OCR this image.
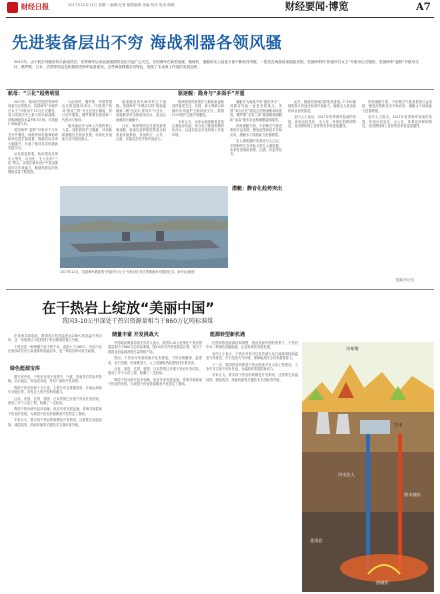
财经日报	2017年12月11日 星期一 编辑/记者 版面编辑 美编 校对 电话 邮箱	财经要闻·博览	A7
先进装备层出不穷 海战利器各领风骚
2017年，由于航空母舰的持久新闻效应，世界海军运用装备版图的变化引起广泛关注。各国海军在新型战舰、舰载机、潜艇和无人装备方面不断取得突破，一批先进海战装备陆续亮相。英国海军的“伊丽莎白女王”号航母正式服役，美国海军“福特”号航母交付，俄罗斯、日本、法国等国也在积极推进海军装备建设。这些海战利器各具特色，展现了未来海上作战的发展趋势。
航母：“三化”趋势明显

2017年，航母依然是世界海军装备关注的焦点。英国海军“伊丽莎白女王”号航母于12月正式服役，成为英国历史上最大的水面战舰。该舰满载排水量约6.5万吨，可搭载F-35B战斗机。

美国海军“福特”号航母于今年交付并服役，该舰采用电磁弹射系统和先进拦阻装置，舰载机出动率大幅提升，代表了航母技术的最新发展方向。

从发展趋势看，航母建设呈现出大型化、信息化、无人化的“三化”特点。各国在航母设计中更加重视综合作战能力，舰载机联队的规模和质量不断提高。

与此同时，俄罗斯、印度等国也在推进航母项目。印度国产航母“维克兰特”号正在进行舾装，预计近年服役。俄罗斯则在规划新一代核动力航母。

航母编队作为海上作战的核心力量，其配套的护卫舰艇、补给舰和潜艇也在同步发展，体系化作战能力成为建设重点。

驱逐舰是现代海军的主力战舰。美国海军“朱姆沃尔特”级驱逐舰第二艘“迈克尔·蒙苏尔”号交付，该级舰采用全新隐身设计，雷达反射截面大幅缩小。

日本、韩国等国也在建造新型驱逐舰，装备先进的相控阵雷达和垂直发射系统，具备防空、反导、反潜、对陆攻击等多种作战能力。

驱逐舰：隐身与“多面手”并重

欧洲国家的新型护卫舰和驱逐舰同样备受关注，法国、意大利联合研制的多用途护卫舰持续交付，德国F125型护卫舰开始服役。

专家认为，未来水面战舰将更加注重隐身性能、综合电力推进和模块化设计，以适应复杂多变的海上作战环境。

潜艇作为海战中的“隐形杀手”，其静音性能一直是发展重点。美国“弗吉尼亚”级攻击型核潜艇持续建造，俄罗斯“北风之神”级战略核潜艇和“亚森”级多用途核潜艇陆续服役。

常规潜艇方面，不依赖空气推进系统日益成熟，锂电池等新技术开始应用，潜艇水下续航能力显著增强。

无人潜航器的发展也引人注目，多国海军正在试验大型无人潜航器，未来有望承担侦察、反潜、布雷等任务。

潜艇：静音化趋势突出

此外，舰载机领域同样取得进展。F-35C舰载型战斗机逐步形成作战能力，舰载无人机加油机项目加快推进。

业内人士指出，2017年世界海军装备的发展，体现出信息化、无人化、体系化的鲜明特征，各国围绕海上优势的竞争将更加激烈。

常规潜艇方面，不依赖空气推进系统日益成熟，锂电池等新技术开始应用，潜艇水下续航能力显著增强。

业内人士指出，2017年世界海军装备的发展，体现出信息化、无人化、体系化的鲜明特征，各国围绕海上优势的竞争将更加激烈。

2017年12月，英国海军最新型“伊丽莎白女王”号航母在朴次茅斯港举行服役仪式。新华社/路透
据新华社电
在干热岩上绽放“美丽中国”
我国3-10公里深处干热岩资源量相当于860万亿吨标准煤

在青海共和盆地，我国首次钻获温度达236℃的高温干热岩体，这一发现被认为是我国干热岩勘查的重大突破。

干热岩是一种埋藏于地下数千米、温度大于180℃、内部不存在流体或仅有少量流体的高温岩体，是一种清洁的可再生能源。

绿色能源宝库

据专家介绍，干热岩发电不受季节、气候、昼夜等自然条件影响，运行稳定，发电成本低，具有广阔的开发前景。

我国干热岩资源十分丰富，主要分布在青藏高原、东南沿海和华北地区等，具有巨大的开发利用潜力。

目前，美国、法国、德国、日本等国已开展干热岩开发试验，建成了多个示范工程，积累了一定经验。

我国干热岩研究起步较晚，但近年来发展迅速。青海共和盆地干热岩的发现，为我国干热岩资源勘查开发奠定了基础。

专家认为，要实现干热岩的规模化开发利用，还需要在高温钻探、储层改造、热能转换等关键技术方面取得突破。

储量丰富 开发挑战大

中国地质调查局相关负责人表示，我国3-10公里深处干热岩资源量相当于860万亿吨标准煤，按2%的可开采资源量计算，相当于我国目前能源消耗总量的数千倍。

然而，干热岩开发面临诸多技术挑战。干热岩埋藏深、温度高、岩石坚硬，钻探难度大，人工造储和热能提取技术要求高。

目前，美国、法国、德国、日本等国已开展干热岩开发试验，建成了多个示范工程，积累了一定经验。

我国干热岩研究起步较晚，但近年来发展迅速。青海共和盆地干热岩的发现，为我国干热岩资源勘查开发奠定了基础。

能源转型新机遇

在国家推进能源结构调整、建设美丽中国的背景下，干热岩作为一种绿色低碳能源，正迎来新的发展机遇。

业内人士表示，干热岩开发可以有效减少化石能源消耗和温室气体排放，对于改善大气环境、保障能源安全具有重要意义。

下一步，我国将加快推进干热岩勘查开发示范工程建设，力争早日实现干热岩发电，为能源转型提供新动力。

专家认为，要实现干热岩的规模化开发利用，还需要在高温钻探、储层改造、热能转换等关键技术方面取得突破。

冷却塔
发电
冷水注入
热水抽出
花岗岩
热储层
